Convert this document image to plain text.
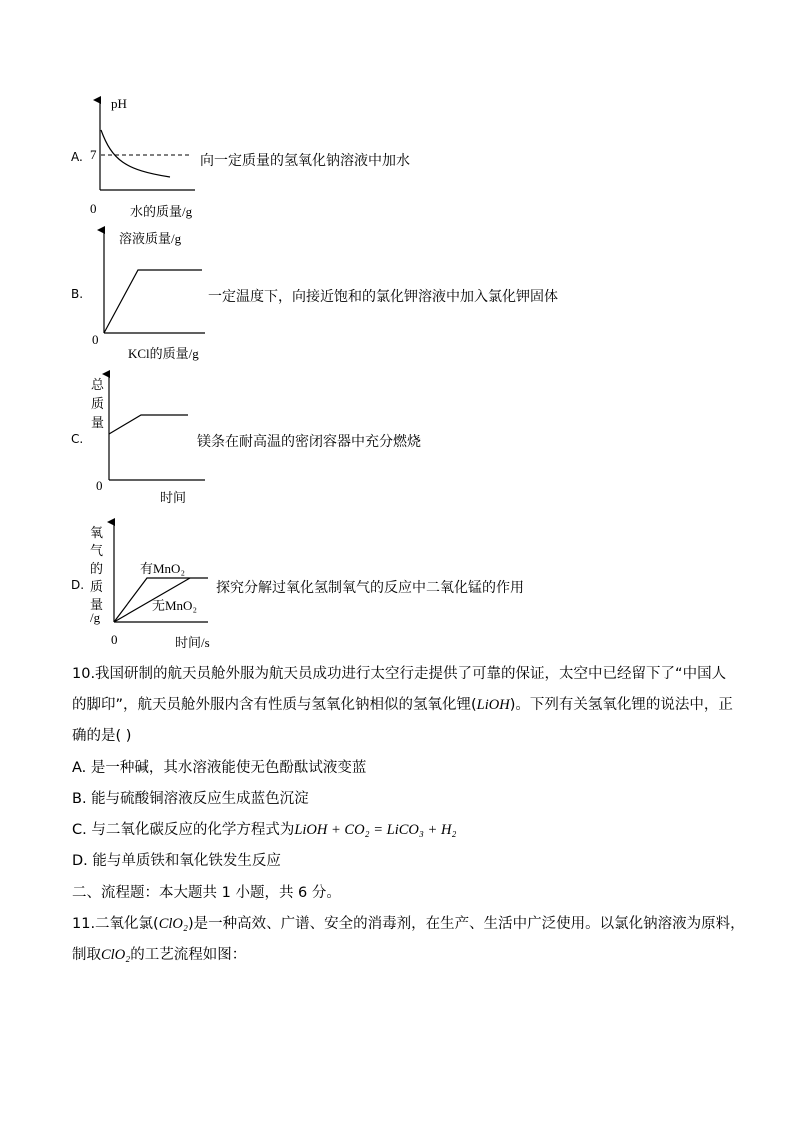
A.
pH
7
0	水的质量/g
向一定质量的氢氧化钠溶液中加水
B.
溶液质量/g
0
KCl的质量/g
一定温度下，向接近饱和的氯化钾溶液中加入氯化钾固体
C.
总
质
量
0
时间
镁条在耐高温的密闭容器中充分燃烧
D.
氧
气
的
质
量
/g
0	时间/s
有MnO₂
无MnO₂
探究分解过氧化氢制氧气的反应中二氧化锰的作用
10.我国研制的航天员舱外服为航天员成功进行太空行走提供了可靠的保证，太空中已经留下了“中国人
的脚印”，航天员舱外服内含有性质与氢氧化钠相似的氢氧化锂(LiOH)。下列有关氢氧化锂的说法中，正
确的是( )
A. 是一种碱，其水溶液能使无色酚酞试液变蓝
B. 能与硫酸铜溶液反应生成蓝色沉淀
C. 与二氧化碳反应的化学方程式为LiOH + CO₂ = LiCO₃ + H₂
D. 能与单质铁和氧化铁发生反应
二、流程题：本大题共 1 小题，共 6 分。
11.二氧化氯(ClO₂)是一种高效、广谱、安全的消毒剂，在生产、生活中广泛使用。以氯化钠溶液为原料，
制取ClO₂的工艺流程如图：
